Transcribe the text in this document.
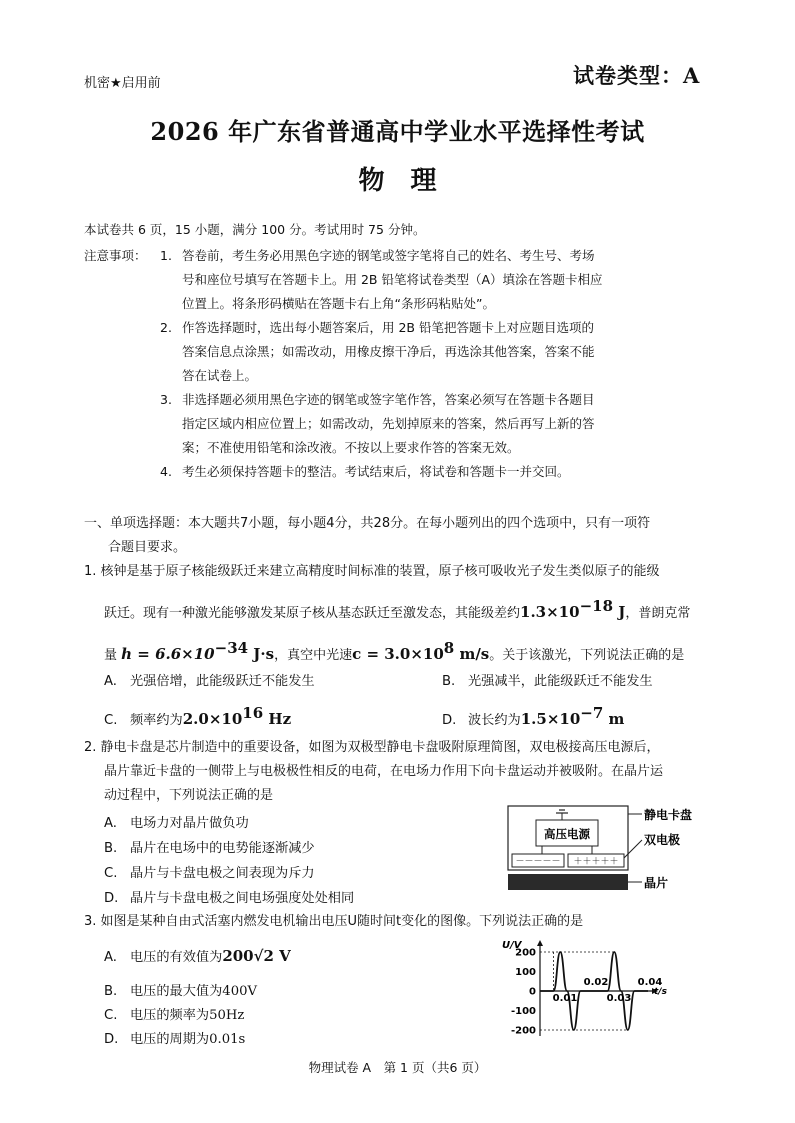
机密★启用前	试卷类型：A
2026 年广东省普通高中学业水平选择性考试
物　理
本试卷共 6 页，15 小题，满分 100 分。考试用时 75 分钟。
注意事项： 1. 答卷前，考生务必用黑色字迹的钢笔或签字笔将自己的姓名、考生号、考场
号和座位号填写在答题卡上。用 2B 铅笔将试卷类型（A）填涂在答题卡相应
位置上。将条形码横贴在答题卡右上角“条形码粘贴处”。
2. 作答选择题时，选出每小题答案后，用 2B 铅笔把答题卡上对应题目选项的
答案信息点涂黑；如需改动，用橡皮擦干净后，再选涂其他答案，答案不能
答在试卷上。
3. 非选择题必须用黑色字迹的钢笔或签字笔作答，答案必须写在答题卡各题目
指定区域内相应位置上；如需改动，先划掉原来的答案，然后再写上新的答
案；不准使用铅笔和涂改液。不按以上要求作答的答案无效。
4. 考生必须保持答题卡的整洁。考试结束后，将试卷和答题卡一并交回。
一、单项选择题：本大题共7小题，每小题4分，共28分。在每小题列出的四个选项中，只有一项符
合题目要求。
1. 核钟是基于原子核能级跃迁来建立高精度时间标准的装置，原子核可吸收光子发生类似原子的能级
跃迁。现有一种激光能够激发某原子核从基态跃迁至激发态，其能级差约$1.3\times 10^{-18}$ J，普朗克常
量 $h = 6.6\times 10^{-34}$ J·s，真空中光速$c = 3.0\times 10^8$ m/s。关于该激光，下列说法正确的是
A. 光强倍增，此能级跃迁不能发生	B. 光强减半，此能级跃迁不能发生
C. 频率约为$2.0\times 10^{16}$ Hz	D. 波长约为$1.5\times 10^{-7}$ m
2. 静电卡盘是芯片制造中的重要设备，如图为双极型静电卡盘吸附原理简图，双电极接高压电源后，
晶片靠近卡盘的一侧带上与电极极性相反的电荷，在电场力作用下向卡盘运动并被吸附。在晶片运
动过程中，下列说法正确的是
A. 电场力对晶片做负功
B. 晶片在电场中的电势能逐渐减少
C. 晶片与卡盘电极之间表现为斥力
D. 晶片与卡盘电极之间电场强度处处相同
高压电源
－－－－－ ＋＋＋＋＋
静电卡盘
双电极
晶片
3. 如图是某种自由式活塞内燃发电机输出电压U随时间t变化的图像。下列说法正确的是
A. 电压的有效值为200√2 V
B. 电压的最大值为400V
C. 电压的频率为50Hz
D. 电压的周期为0.01s
U/V
t/s
200
100
0
-100
-200
0.01
0.02
0.03
0.04
物理试卷 A　第 1 页（共6 页）
